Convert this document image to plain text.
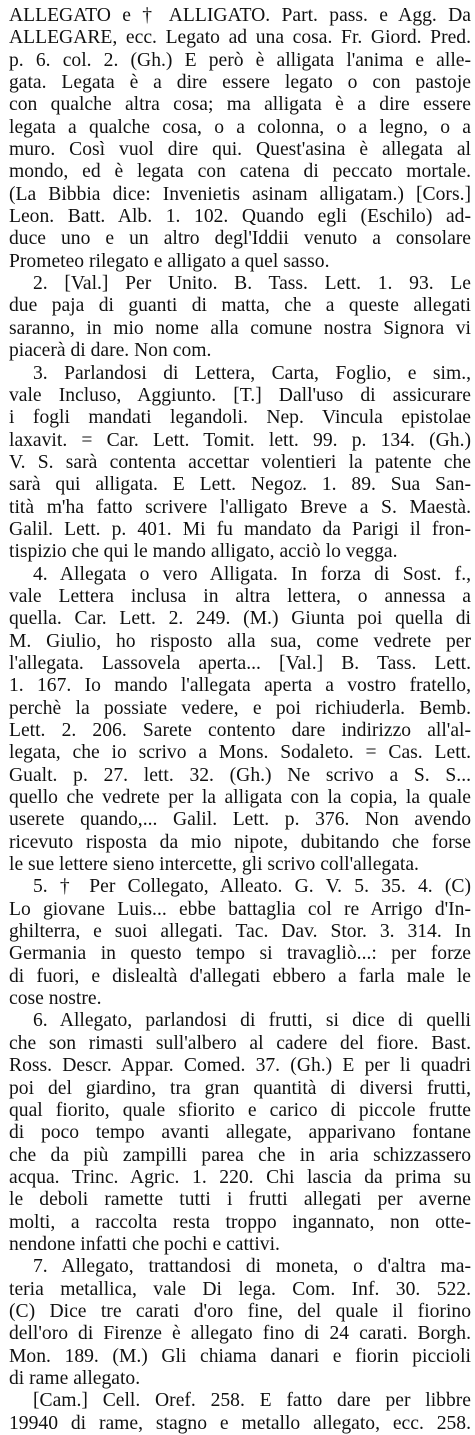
ALLEGATO e † ALLIGATO. Part. pass. e Agg. Da
ALLEGARE, ecc. Legato ad una cosa. Fr. Giord. Pred.
p. 6. col. 2. (Gh.) E però è alligata l'anima e alle-
gata. Legata è a dire essere legato o con pastoje
con qualche altra cosa; ma alligata è a dire essere
legata a qualche cosa, o a colonna, o a legno, o a
muro. Così vuol dire qui. Quest'asina è allegata al
mondo, ed è legata con catena di peccato mortale.
(La Bibbia dice: Invenietis asinam alligatam.) [Cors.]
Leon. Batt. Alb. 1. 102. Quando egli (Eschilo) ad-
duce uno e un altro degl'Iddii venuto a consolare
Prometeo rilegato e alligato a quel sasso.
2. [Val.] Per Unito. B. Tass. Lett. 1. 93. Le
due paja di guanti di matta, che a queste allegati
saranno, in mio nome alla comune nostra Signora vi
piacerà di dare. Non com.
3. Parlandosi di Lettera, Carta, Foglio, e sim.,
vale Incluso, Aggiunto. [T.] Dall'uso di assicurare
i fogli mandati legandoli. Nep. Vincula epistolae
laxavit. = Car. Lett. Tomit. lett. 99. p. 134. (Gh.)
V. S. sarà contenta accettar volentieri la patente che
sarà qui alligata. E Lett. Negoz. 1. 89. Sua San-
tità m'ha fatto scrivere l'alligato Breve a S. Maestà.
Galil. Lett. p. 401. Mi fu mandato da Parigi il fron-
tispizio che qui le mando alligato, acciò lo vegga.
4. Allegata o vero Alligata. In forza di Sost. f.,
vale Lettera inclusa in altra lettera, o annessa a
quella. Car. Lett. 2. 249. (M.) Giunta poi quella di
M. Giulio, ho risposto alla sua, come vedrete per
l'allegata. Lassovela aperta... [Val.] B. Tass. Lett.
1. 167. Io mando l'allegata aperta a vostro fratello,
perchè la possiate vedere, e poi richiuderla. Bemb.
Lett. 2. 206. Sarete contento dare indirizzo all'al-
legata, che io scrivo a Mons. Sodaleto. = Cas. Lett.
Gualt. p. 27. lett. 32. (Gh.) Ne scrivo a S. S...
quello che vedrete per la alligata con la copia, la quale
userete quando,... Galil. Lett. p. 376. Non avendo
ricevuto risposta da mio nipote, dubitando che forse
le sue lettere sieno intercette, gli scrivo coll'allegata.
5. † Per Collegato, Alleato. G. V. 5. 35. 4. (C)
Lo giovane Luis... ebbe battaglia col re Arrigo d'In-
ghilterra, e suoi allegati. Tac. Dav. Stor. 3. 314. In
Germania in questo tempo si travagliò...: per forze
di fuori, e dislealtà d'allegati ebbero a farla male le
cose nostre.
6. Allegato, parlandosi di frutti, si dice di quelli
che son rimasti sull'albero al cadere del fiore. Bast.
Ross. Descr. Appar. Comed. 37. (Gh.) E per li quadri
poi del giardino, tra gran quantità di diversi frutti,
qual fiorito, quale sfiorito e carico di piccole frutte
di poco tempo avanti allegate, apparivano fontane
che da più zampilli parea che in aria schizzassero
acqua. Trinc. Agric. 1. 220. Chi lascia da prima su
le deboli ramette tutti i frutti allegati per averne
molti, a raccolta resta troppo ingannato, non otte-
nendone infatti che pochi e cattivi.
7. Allegato, trattandosi di moneta, o d'altra ma-
teria metallica, vale Di lega. Com. Inf. 30. 522.
(C) Dice tre carati d'oro fine, del quale il fiorino
dell'oro di Firenze è allegato fino di 24 carati. Borgh.
Mon. 189. (M.) Gli chiama danari e fiorin piccioli
di rame allegato.
[Cam.] Cell. Oref. 258. E fatto dare per libbre
19940 di rame, stagno e metallo allegato, ecc. 258.
